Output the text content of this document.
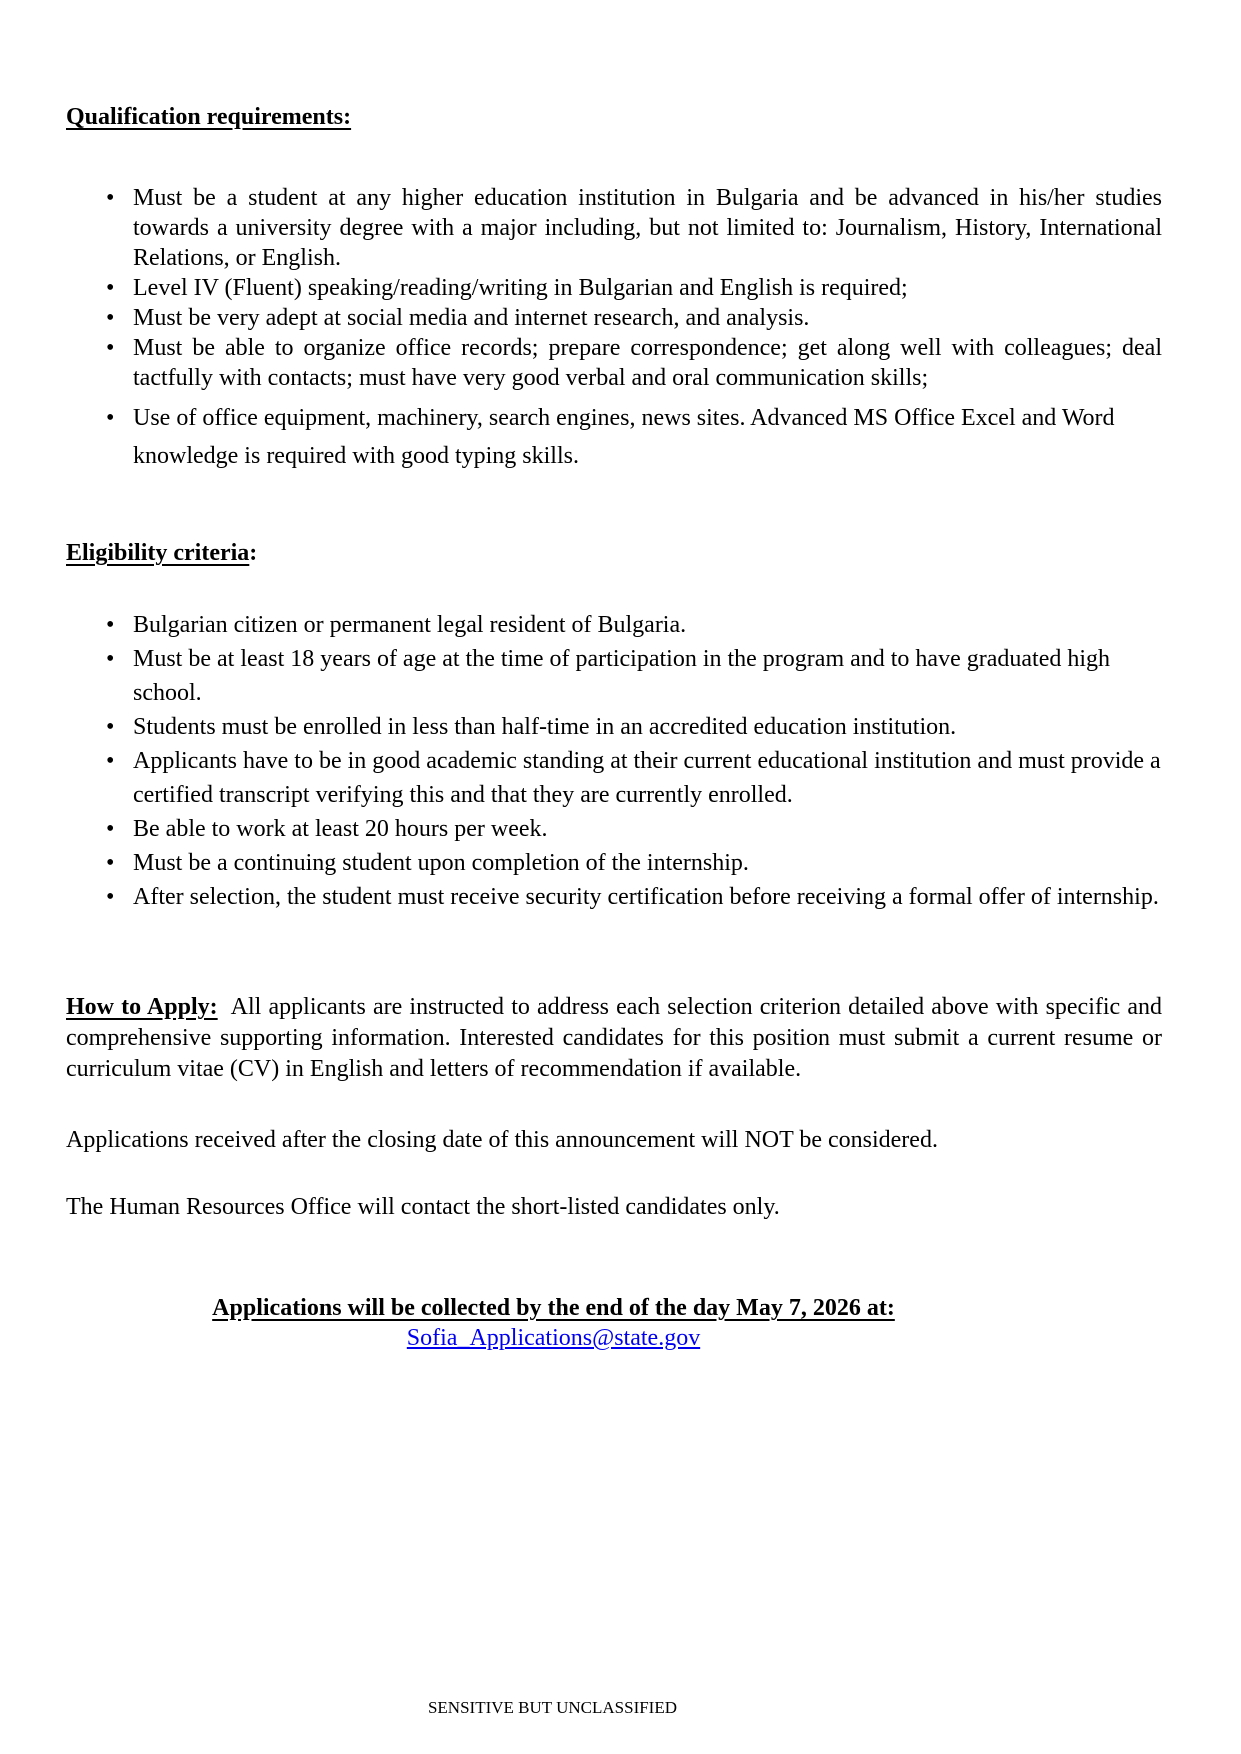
Qualification requirements:
• Must be a student at any higher education institution in Bulgaria and be advanced in his/her studies towards a university degree with a major including, but not limited to: Journalism, History, International Relations, or English.
• Level IV (Fluent) speaking/reading/writing in Bulgarian and English is required;
• Must be very adept at social media and internet research, and analysis.
• Must be able to organize office records; prepare correspondence; get along well with colleagues; deal tactfully with contacts; must have very good verbal and oral communication skills;
• Use of office equipment, machinery, search engines, news sites. Advanced MS Office Excel and Word knowledge is required with good typing skills.
Eligibility criteria:
• Bulgarian citizen or permanent legal resident of Bulgaria.
• Must be at least 18 years of age at the time of participation in the program and to have graduated high school.
• Students must be enrolled in less than half-time in an accredited education institution.
• Applicants have to be in good academic standing at their current educational institution and must provide a certified transcript verifying this and that they are currently enrolled.
• Be able to work at least 20 hours per week.
• Must be a continuing student upon completion of the internship.
• After selection, the student must receive security certification before receiving a formal offer of internship.

How to Apply: All applicants are instructed to address each selection criterion detailed above with specific and comprehensive supporting information. Interested candidates for this position must submit a current resume or curriculum vitae (CV) in English and letters of recommendation if available.

Applications received after the closing date of this announcement will NOT be considered.

The Human Resources Office will contact the short-listed candidates only.

Applications will be collected by the end of the day May 7, 2026 at:

Sofia_Applications@state.gov

SENSITIVE BUT UNCLASSIFIED
